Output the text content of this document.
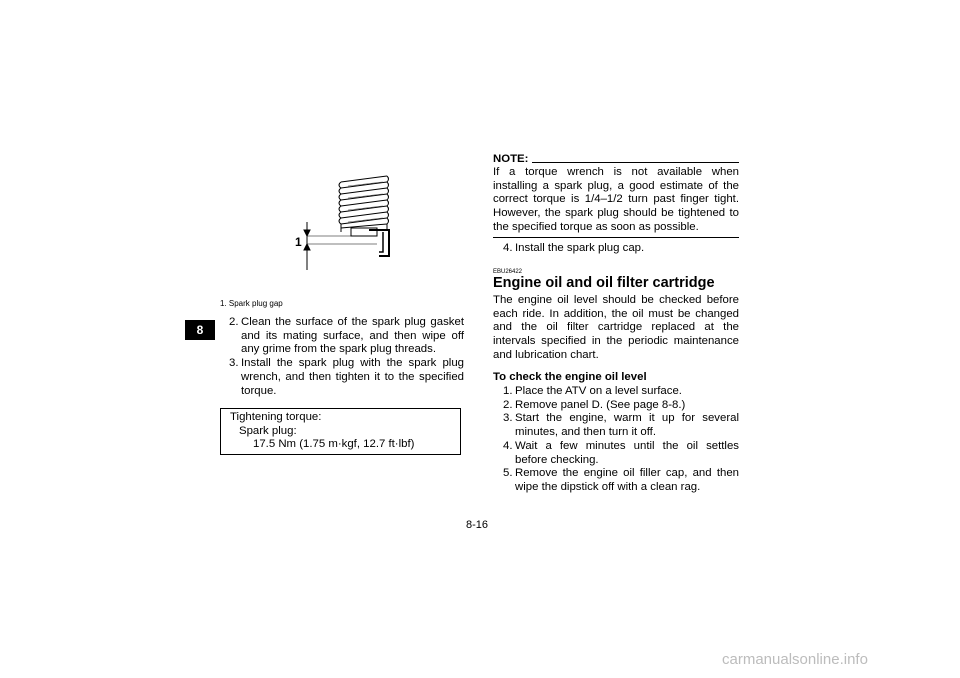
8
1
1. Spark plug gap
2. Clean the surface of the spark plug gasket and its mating surface, and then wipe off any grime from the spark plug threads.
3. Install the spark plug with the spark plug wrench, and then tighten it to the specified torque.
Tightening torque:
Spark plug:
17.5 Nm (1.75 m·kgf, 12.7 ft·lbf)
NOTE:
If a torque wrench is not available when installing a spark plug, a good estimate of the correct torque is 1/4–1/2 turn past finger tight. However, the spark plug should be tightened to the specified torque as soon as possible.
4. Install the spark plug cap.
EBU26422
Engine oil and oil filter cartridge
The engine oil level should be checked before each ride. In addition, the oil must be changed and the oil filter cartridge replaced at the intervals specified in the periodic maintenance and lubrication chart.
To check the engine oil level
1. Place the ATV on a level surface.
2. Remove panel D. (See page 8-8.)
3. Start the engine, warm it up for several minutes, and then turn it off.
4. Wait a few minutes until the oil settles before checking.
5. Remove the engine oil filler cap, and then wipe the dipstick off with a clean rag.
8-16
carmanualsonline.info
